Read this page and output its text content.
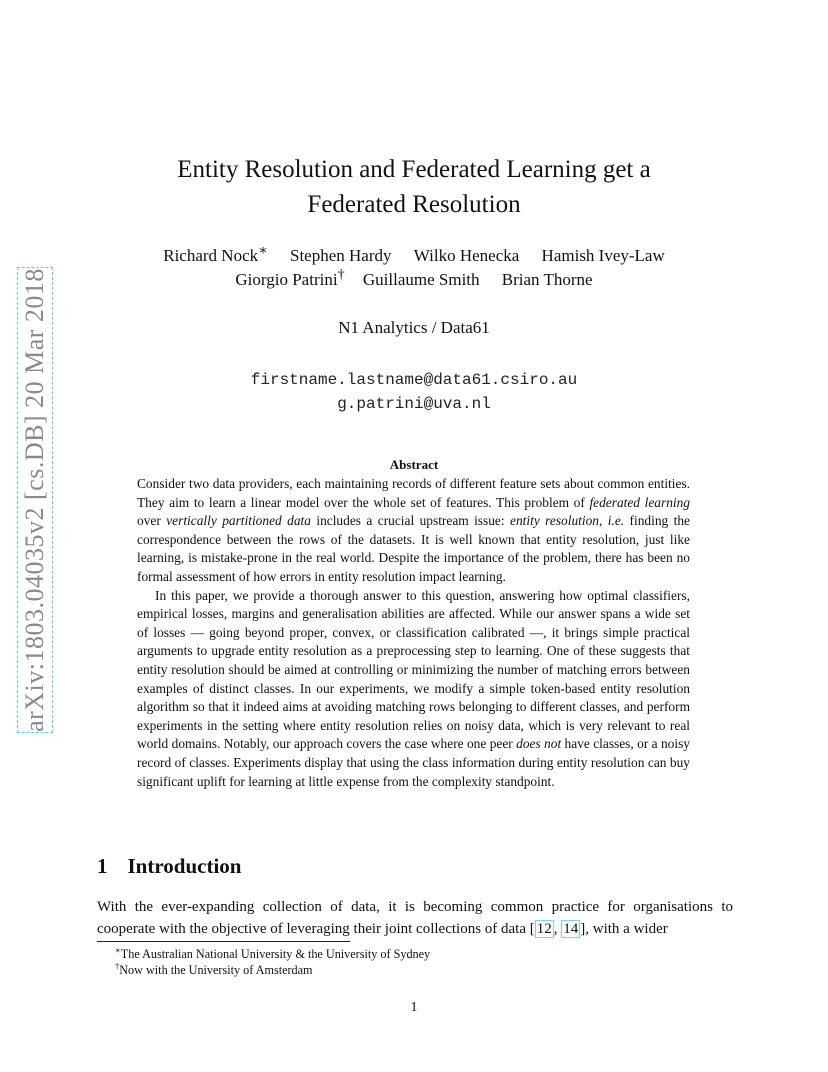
arXiv:1803.04035v2 [cs.DB] 20 Mar 2018
Entity Resolution and Federated Learning get a
Federated Resolution
Richard Nock∗ Stephen Hardy Wilko Henecka Hamish Ivey-Law
Giorgio Patrini† Guillaume Smith Brian Thorne
N1 Analytics / Data61
firstname.lastname@data61.csiro.au
g.patrini@uva.nl
Abstract

Consider two data providers, each maintaining records of different feature sets about common entities. They aim to learn a linear model over the whole set of features. This problem of federated learning over vertically partitioned data includes a crucial upstream issue: entity resolution, i.e. finding the correspondence between the rows of the datasets. It is well known that entity resolution, just like learning, is mistake-prone in the real world. Despite the importance of the problem, there has been no formal assessment of how errors in entity resolution impact learning.

In this paper, we provide a thorough answer to this question, answering how optimal classifiers, empirical losses, margins and generalisation abilities are affected. While our answer spans a wide set of losses — going beyond proper, convex, or classification calibrated —, it brings simple practical arguments to upgrade entity resolution as a preprocessing step to learning. One of these suggests that entity resolution should be aimed at controlling or minimizing the number of matching errors between examples of distinct classes. In our experiments, we modify a simple token-based entity resolution algorithm so that it indeed aims at avoiding matching rows belonging to different classes, and perform experiments in the setting where entity resolution relies on noisy data, which is very relevant to real world domains. Notably, our approach covers the case where one peer does not have classes, or a noisy record of classes. Experiments display that using the class information during entity resolution can buy significant uplift for learning at little expense from the complexity standpoint.

1 Introduction
With the ever-expanding collection of data, it is becoming common practice for organisations to cooperate with the objective of leveraging their joint collections of data [ 12 , 14 ], with a wider
∗The Australian National University & the University of Sydney
†Now with the University of Amsterdam
1
